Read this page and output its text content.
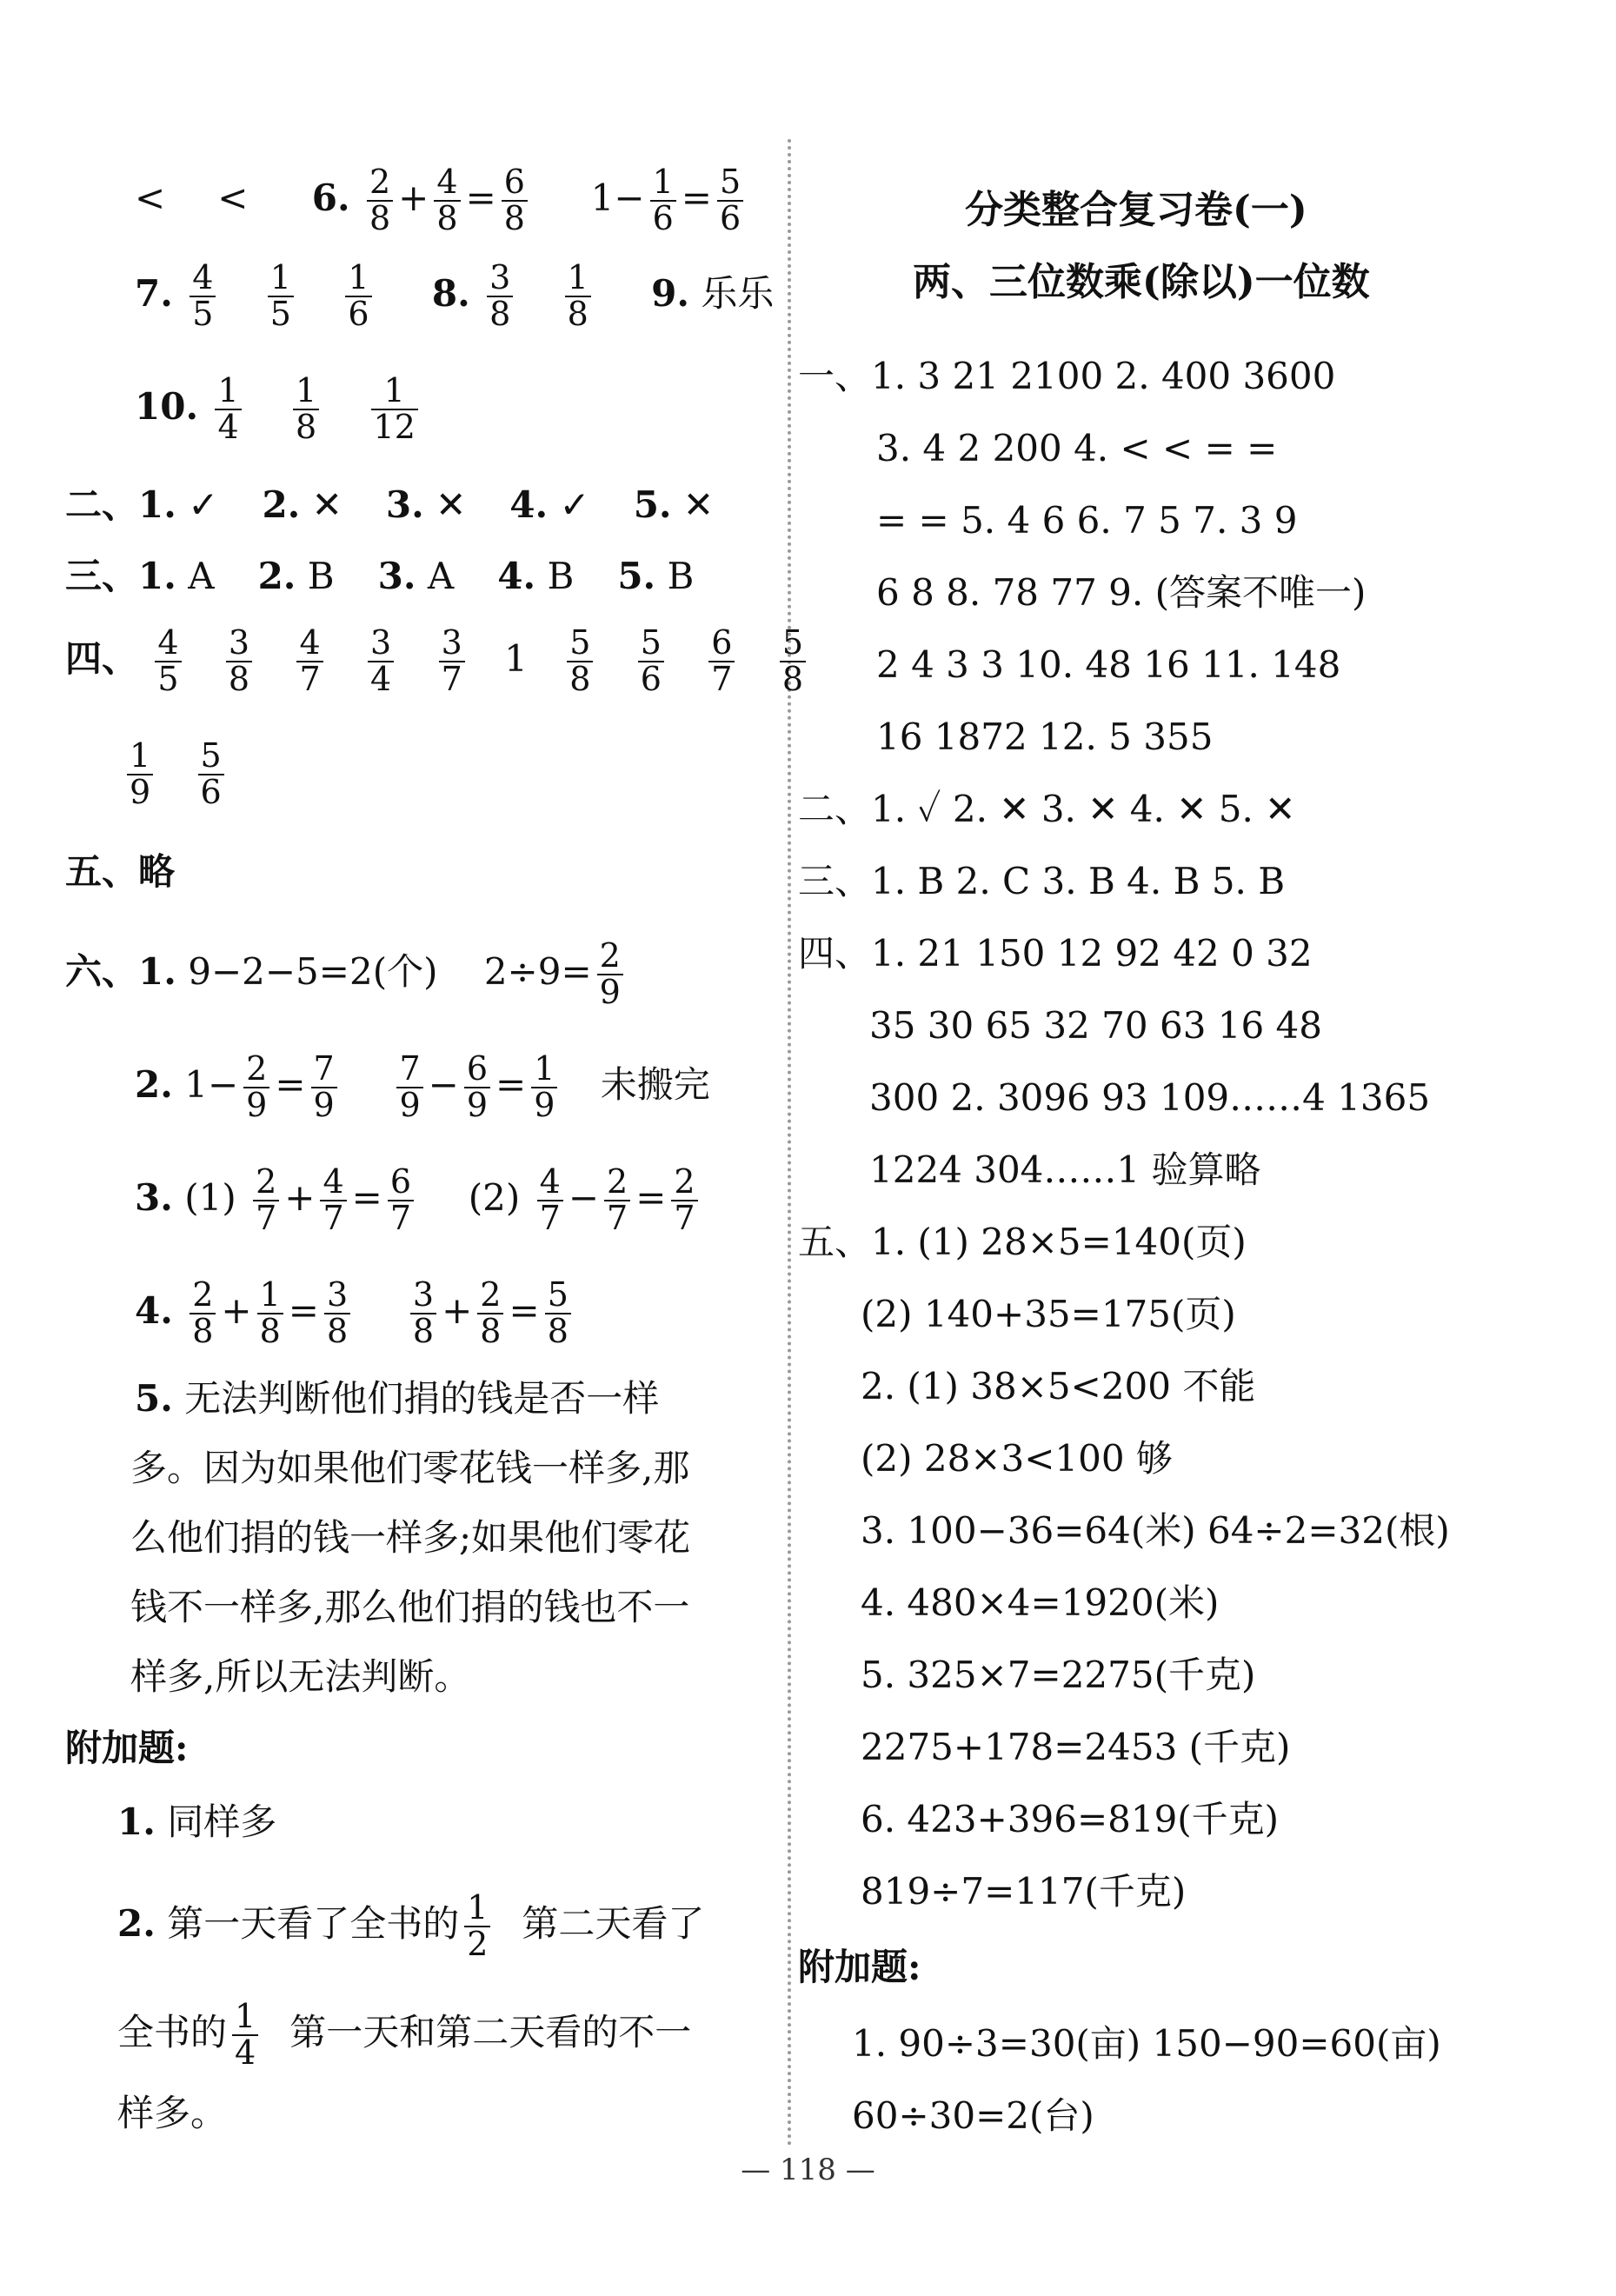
< < 6. $\frac{2}{8} + \frac{4}{8} = \frac{6}{8} 1- \frac{1}{6} = \frac{5}{6}$
7. $\frac{4}{5}$
$\frac{1}{5}$
$\frac{1}{6} 8$. $\frac{3}{8}$
$\frac{1}{8} 9$. 乐乐
10. $\frac{1}{4}$
$\frac{1}{8}$
$\frac{1}{12}$
二、1. ✓ 2. ✕ 3. ✕ 4. ✓ 5. ✕
三、1. A 2. B 3. A 4. B 5. B
四、 $\frac{4}{5}$
$\frac{3}{8}$
$\frac{4}{7}$
$\frac{3}{4}$
$\frac{3}{7} 1 \frac{5}{8}$
$\frac{5}{6}$
$\frac{6}{7}$
$\frac{5}{8}$
$\frac{1}{9}$
$\frac{5}{6}$
五、略
六、1. 9−2−5=2(个) $2\div 9= \frac{2}{9}$
2. $1- \frac{2}{9} = \frac{7}{9}$
$\frac{7}{9} - \frac{6}{9} = \frac{1}{9}$ 未搬完
3. $(1) \frac{2}{7} + \frac{4}{7} = \frac{6}{7} (2) \frac{4}{7} - \frac{2}{7} = \frac{2}{7}$
4. $\frac{2}{8} + \frac{1}{8} = \frac{3}{8}$
$\frac{3}{8} + \frac{2}{8} = \frac{5}{8}$
5. 无法判断他们捐的钱是否一样
多。因为如果他们零花钱一样多,那
么他们捐的钱一样多;如果他们零花
钱不一样多,那么他们捐的钱也不一
样多,所以无法判断。
附加题:
1. 同样多
2. 第一天看了全书的 $\frac{1}{2}$ 第二天看了
全书的 $\frac{1}{4}$ 第一天和第二天看的不一
样多。
分类整合复习卷(一)
两、三位数乘(除以)一位数
一、1. 3 21 2100 2. 400 3600
3. 4 2 200 4. < < = =
= = 5. 4 6 6. 7 5 7. 3 9
6 8 8. 78 77 9. (答案不唯一)
2 4 3 3 10. 48 16 11. 148
16 1872 12. 5 355
二、1. ✓ 2. ✕ 3. ✕ 4. ✕ 5. ✕
三、1. B 2. C 3. B 4. B 5. B
四、1. 21 150 12 92 42 0 32
35 30 65 32 70 63 16 48
300 2. 3096 93 109……4 1365
1224 304……1 验算略
五、1. (1) 28×5=140(页)
(2) 140+35=175(页)
2. (1) 38×5<200 不能
(2) 28×3<100 够
3. 100−36=64(米) 64÷2=32(根)
4. 480×4=1920(米)
5. 325×7=2275(千克)
2275+178=2453 (千克)
6. 423+396=819(千克)
819÷7=117(千克)
附加题:
1. 90÷3=30(亩) 150−90=60(亩)
60÷30=2(台)
— 118 —
